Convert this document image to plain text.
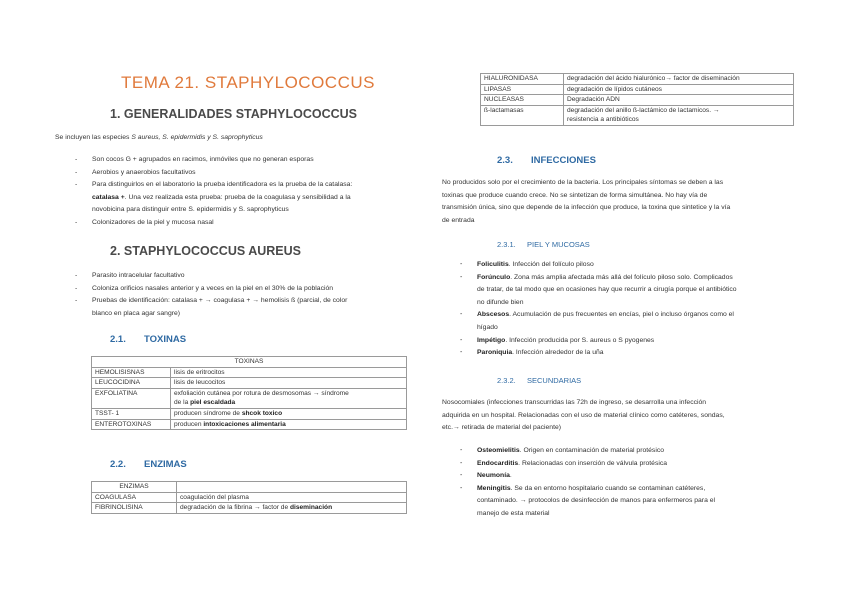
TEMA 21. STAPHYLOCOCCUS
1. GENERALIDADES STAPHYLOCOCCUS
Se incluyen las especies S aureus, S. epidermidis y S. saprophyticus
- Son cocos G + agrupados en racimos, inmóviles que no generan esporas
- Aerobios y anaerobios facultativos
- Para distinguirlos en el laboratorio la prueba identificadora es la prueba de la catalasa:
catalasa +. Una vez realizada esta prueba: prueba de la coagulasa y sensibilidad a la
novobicina para distinguir entre S. epidermidis y S. saprophyticus
- Colonizadores de la piel y mucosa nasal
2. STAPHYLOCOCCUS AUREUS
- Parasito intracelular facultativo
- Coloniza orificios nasales anterior y a veces en la piel en el 30% de la población
- Pruebas de identificación: catalasa + → coagulasa + → hemolisis ß (parcial, de color
blanco en placa agar sangre)
2.1. TOXINAS
TOXINAS	
HEMOLISISNAS	lisis de eritrocitos
LEUCOCIDINA	lisis de leucocitos
EXFOLIATINA	exfoliación cutánea por rotura de desmosomas → síndrome
de la piel escaldada
TSST- 1	producen síndrome de shcok toxico
ENTEROTOXINAS	producen intoxicaciones alimentaria
2.2. ENZIMAS
ENZIMAS	
COAGULASA	coagulación del plasma
FIBRINOLISINA	degradación de la fibrina → factor de diseminación
HIALURONIDASA	degradación del ácido hialurónico→ factor de diseminación
LIPASAS	degradación de lípidos cutáneos
NUCLEASAS	Degradación ADN
ß-lactamasas	degradación del anillo ß-lactámico de lactamicos. →
resistencia a antibióticos
2.3. INFECCIONES
No producidos solo por el crecimiento de la bacteria. Los principales síntomas se deben a las
toxinas que produce cuando crece. No se sintetizan de forma simultánea. No hay vía de
transmisión única, sino que depende de la infección que produce, la toxina que sintetice y la vía
de entrada
2.3.1. PIEL Y MUCOSAS
- Foliculitis. Infección del folículo piloso
- Forúnculo. Zona más amplia afectada más allá del folículo piloso solo. Complicados
de tratar, de tal modo que en ocasiones hay que recurrir a cirugía porque el antibiótico
no difunde bien
- Abscesos. Acumulación de pus frecuentes en encías, piel o incluso órganos como el
hígado
- Impétigo. Infección producida por S. aureus o S pyogenes
- Paroniquia. Infección alrededor de la uña
2.3.2. SECUNDARIAS
Nosocomiales (infecciones transcurridas las 72h de ingreso, se desarrolla una infección
adquirida en un hospital. Relacionadas con el uso de material clínico como catéteres, sondas,
etc.→ retirada de material del paciente)
- Osteomielitis. Origen en contaminación de material protésico
- Endocarditis. Relacionadas con inserción de válvula protésica
- Neumonía.
- Meningitis. Se da en entorno hospitalario cuando se contaminan catéteres,
contaminado. → protocolos de desinfección de manos para enfermeros para el
manejo de esta material
